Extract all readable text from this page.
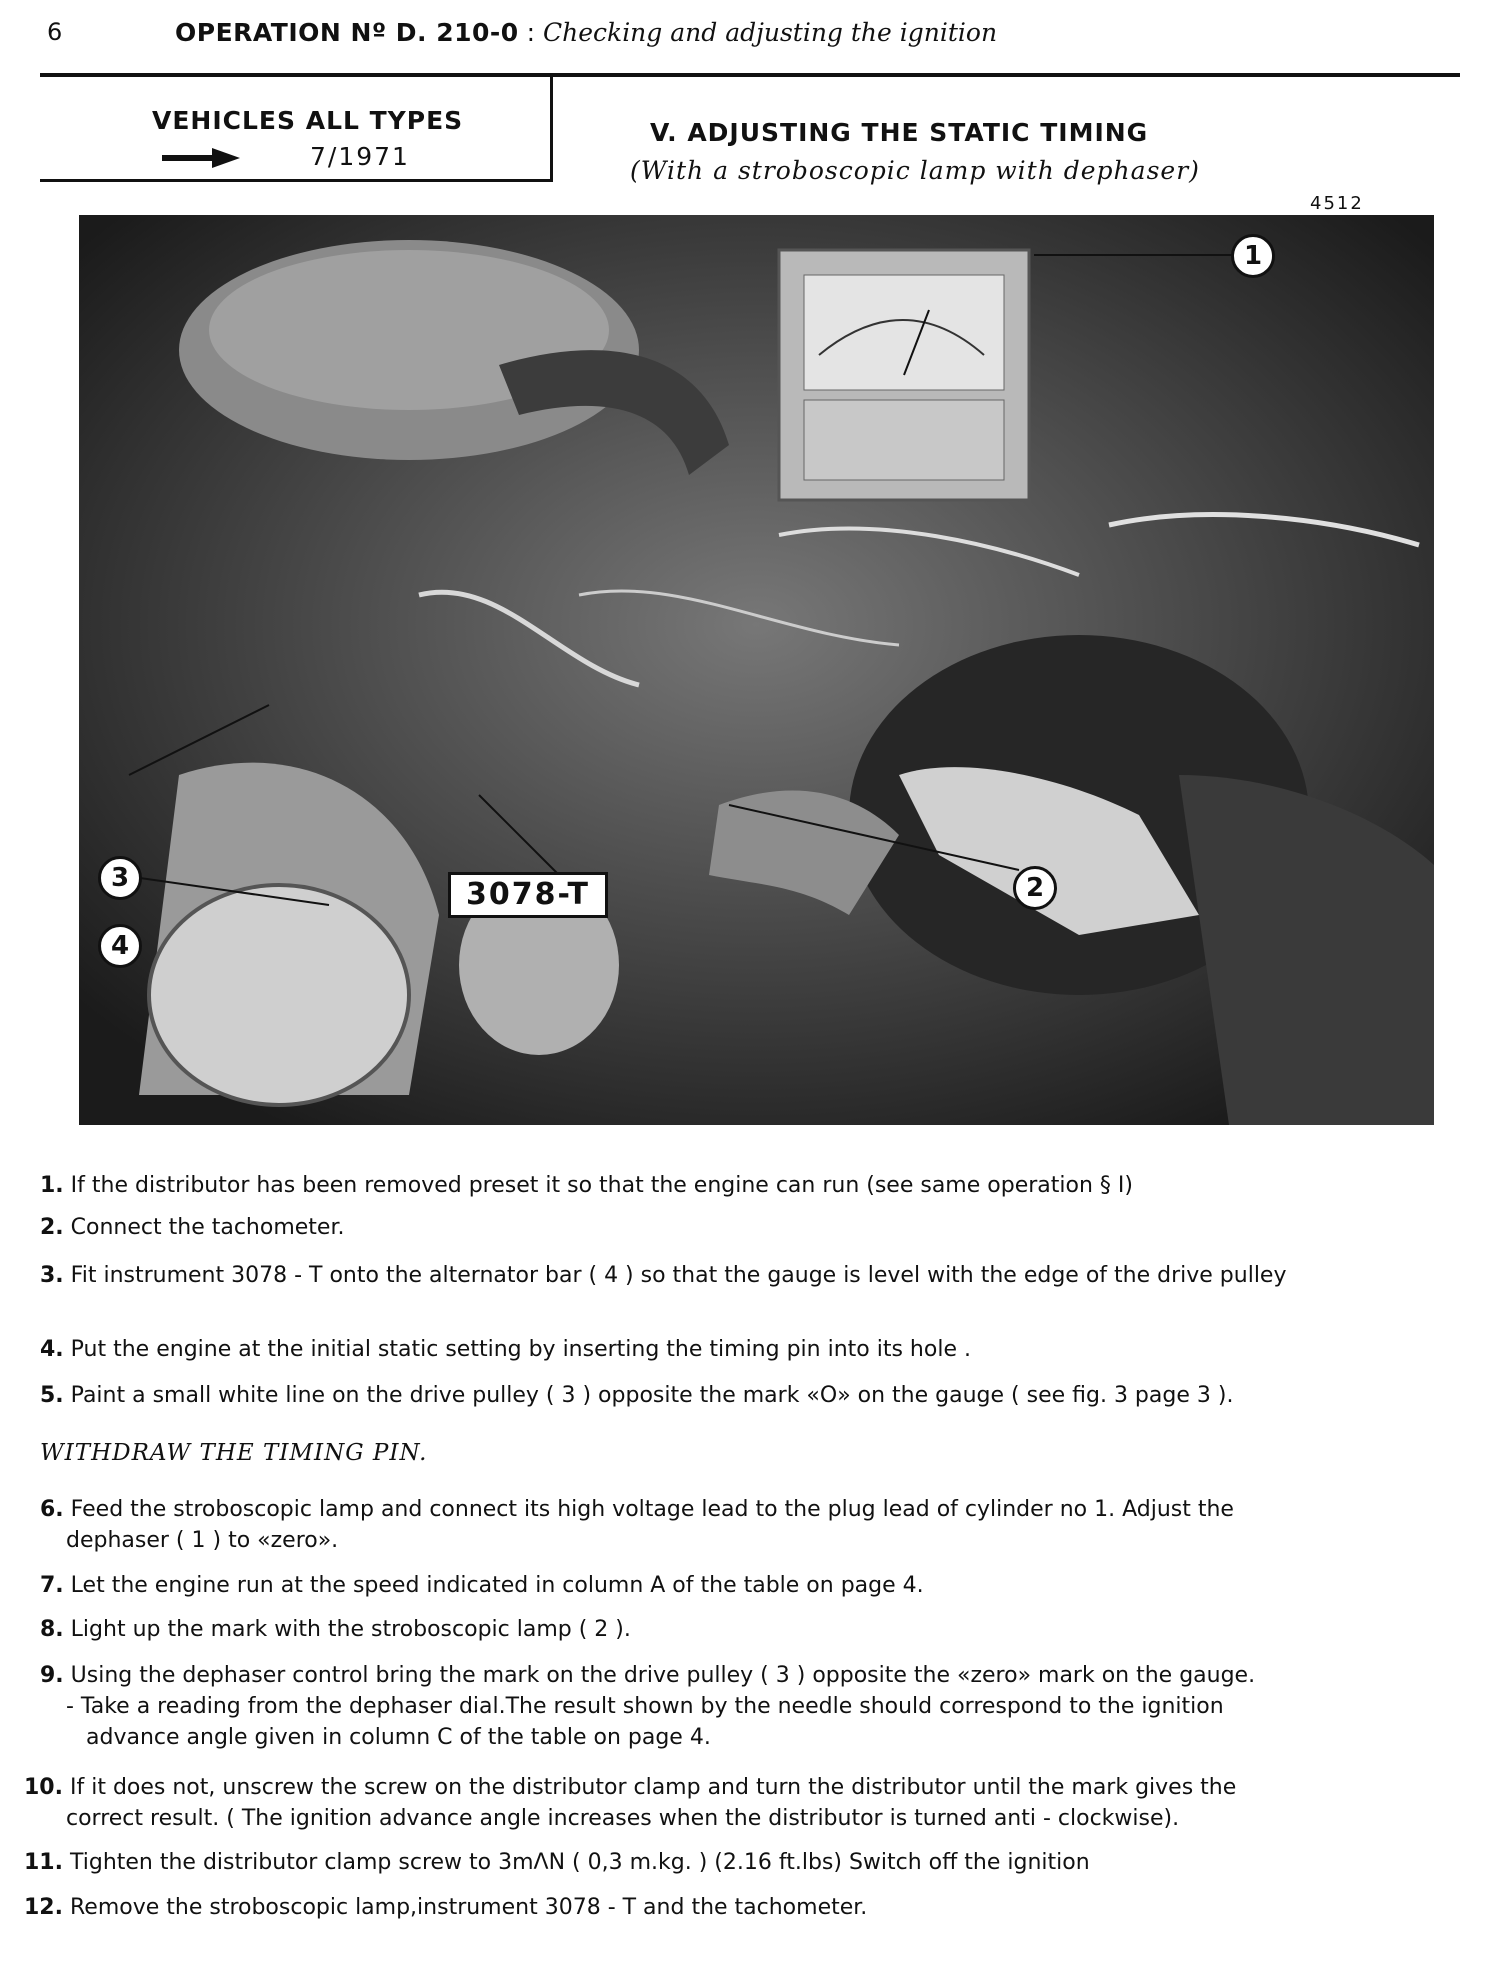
6	OPERATION Nº D. 210-0 : Checking and adjusting the ignition
VEHICLES ALL TYPES
7/1971
V. ADJUSTING THE STATIC TIMING
(With a stroboscopic lamp with dephaser)
4512
1
2
3
4
3078-T
1. If the distributor has been removed preset it so that the engine can run (see same operation § I)
2. Connect the tachometer.
3. Fit instrument 3078 - T onto the alternator bar ( 4 ) so that the gauge is level with the edge of the drive pulley
4. Put the engine at the initial static setting by inserting the timing pin into its hole .
5. Paint a small white line on the drive pulley ( 3 ) opposite the mark «O» on the gauge ( see fig. 3 page 3 ).
WITHDRAW THE TIMING PIN.
6. Feed the stroboscopic lamp and connect its high voltage lead to the plug lead of cylinder no 1. Adjust the
dephaser ( 1 ) to «zero».
7. Let the engine run at the speed indicated in column A of the table on page 4.
8. Light up the mark with the stroboscopic lamp ( 2 ).
9. Using the dephaser control bring the mark on the drive pulley ( 3 ) opposite the «zero» mark on the gauge.
- Take a reading from the dephaser dial.The result shown by the needle should correspond to the ignition
advance angle given in column C of the table on page 4.
10. If it does not, unscrew the screw on the distributor clamp and turn the distributor until the mark gives the
correct result. ( The ignition advance angle increases when the distributor is turned anti - clockwise).
11. Tighten the distributor clamp screw to 3mΛN ( 0,3 m.kg. ) (2.16 ft.lbs) Switch off the ignition
12. Remove the stroboscopic lamp,instrument 3078 - T and the tachometer.
